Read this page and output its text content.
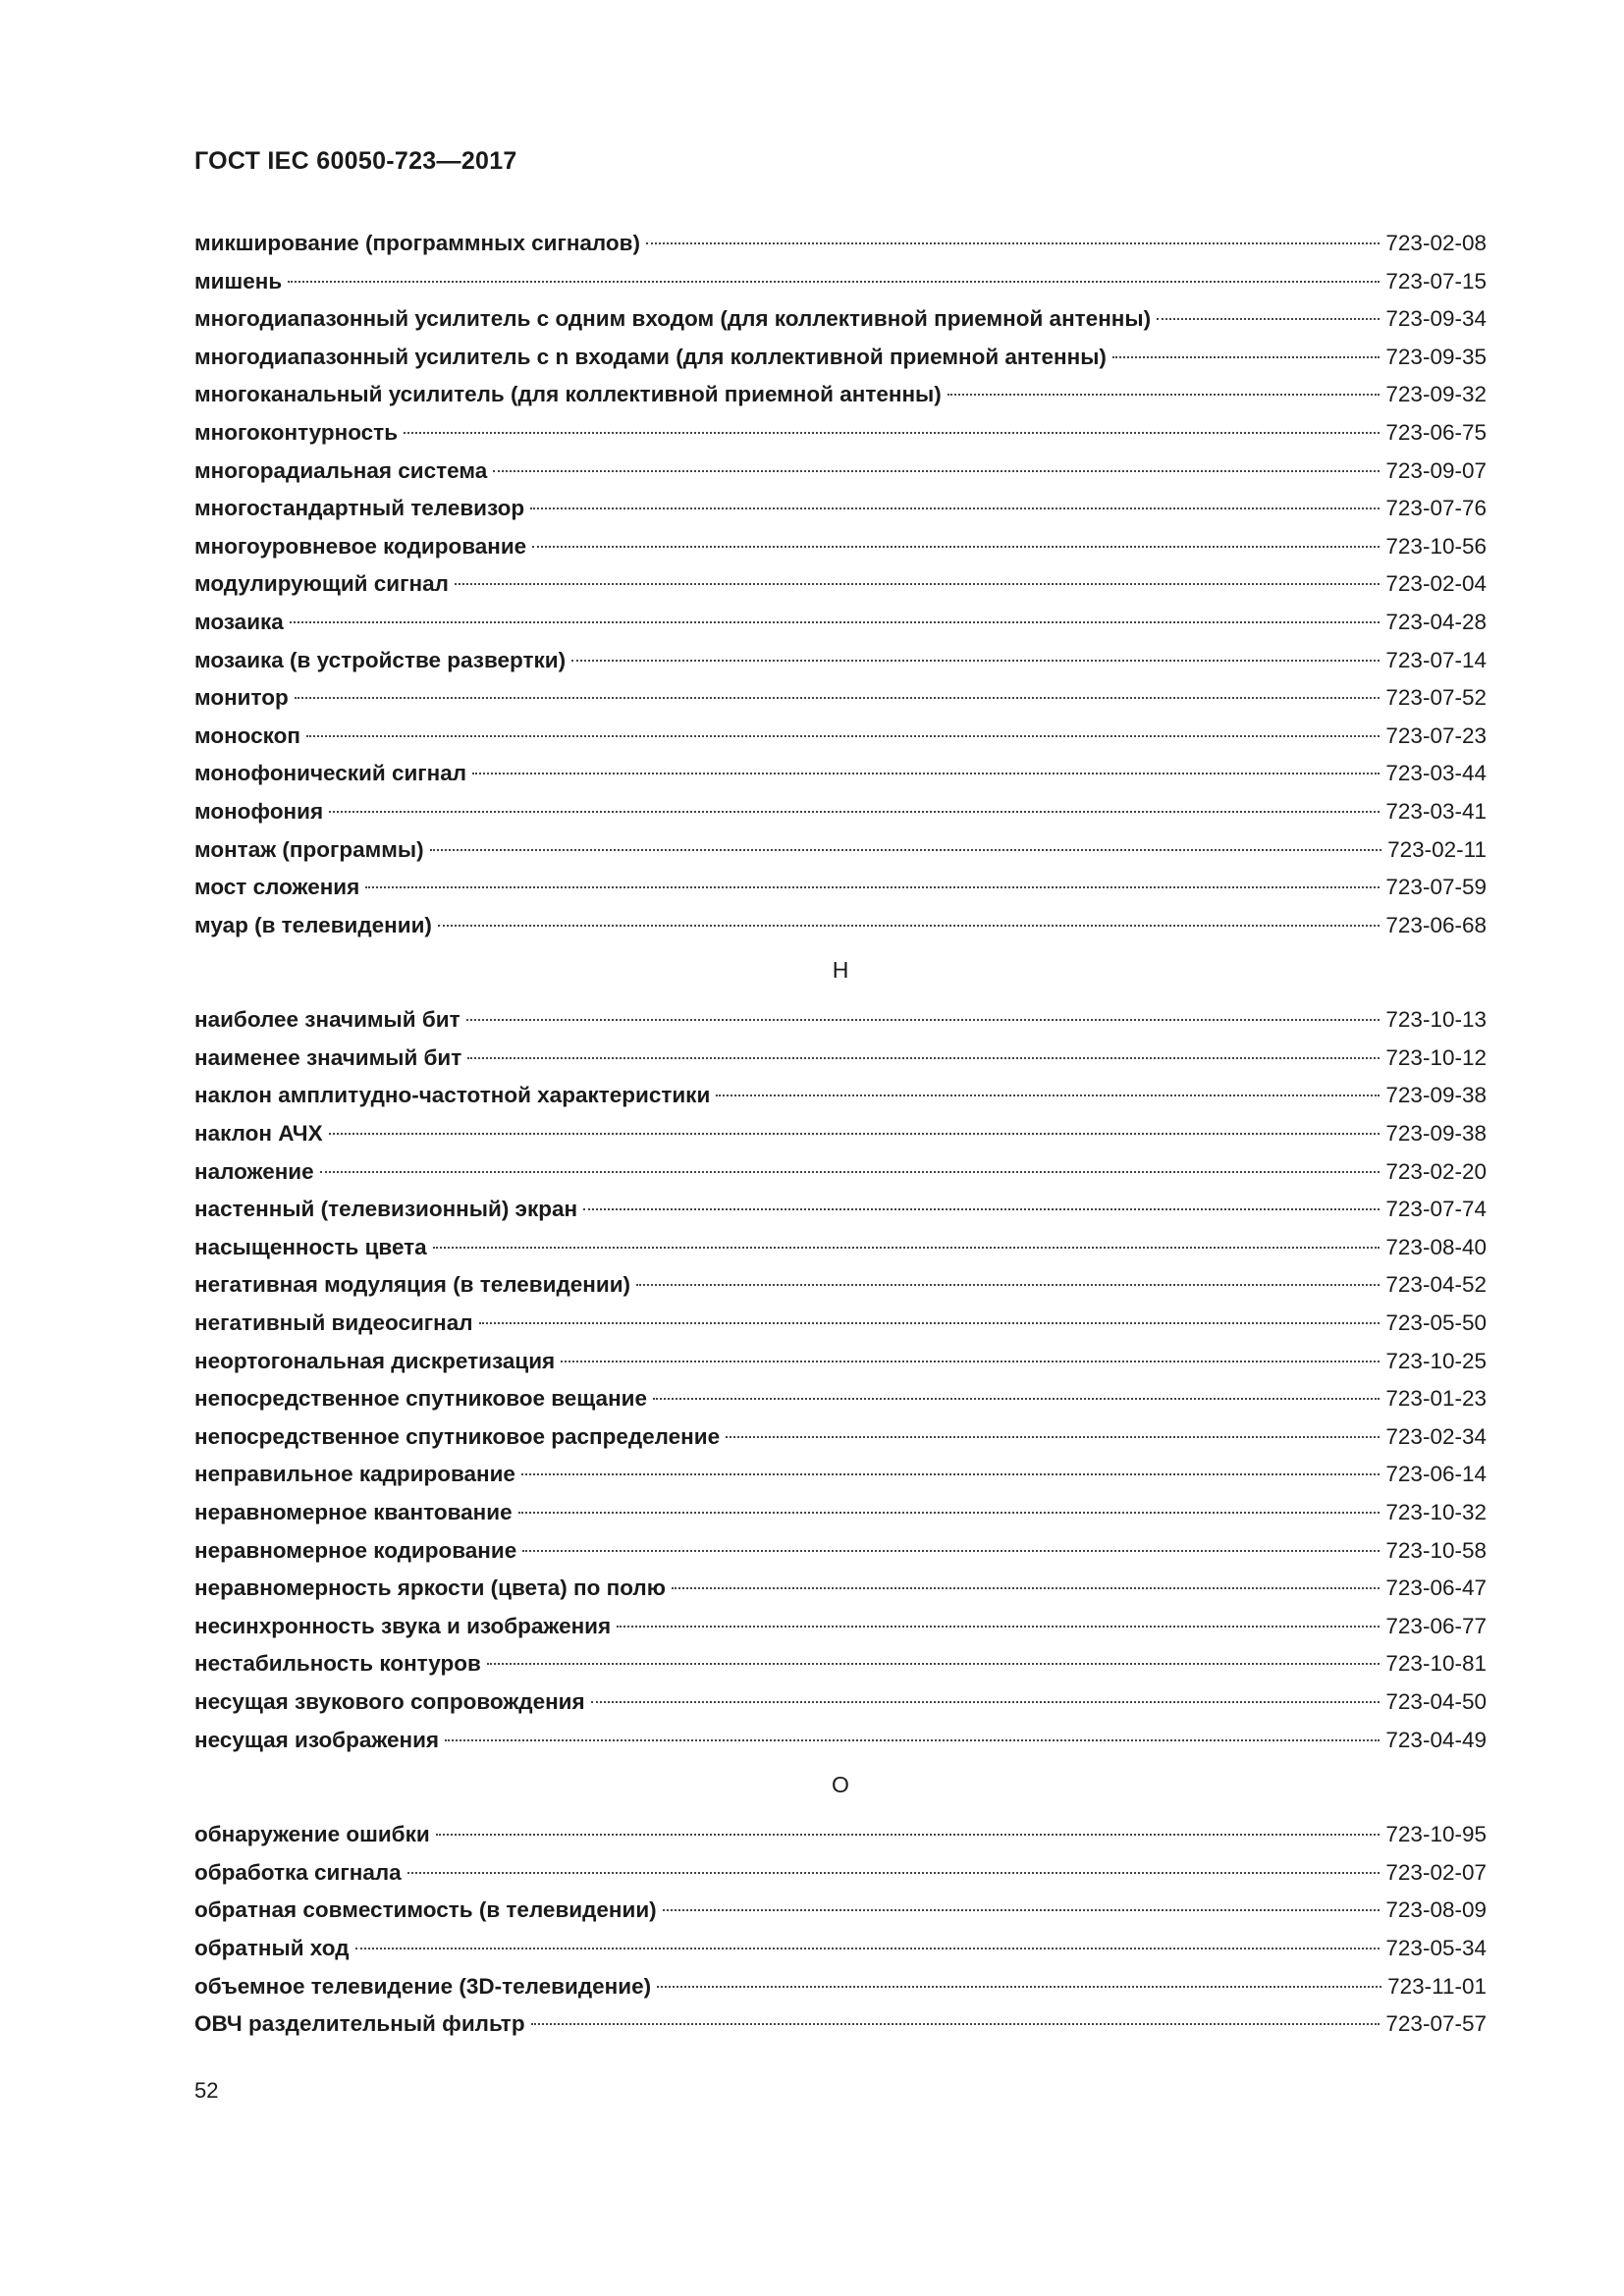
ГОСТ IEC 60050-723—2017
микширование (программных сигналов)	723-02-08
мишень	723-07-15
многодиапазонный усилитель с одним входом (для коллективной приемной антенны)	723-09-34
многодиапазонный усилитель с n входами (для коллективной приемной антенны)	723-09-35
многоканальный усилитель (для коллективной приемной антенны)	723-09-32
многоконтурность	723-06-75
многорадиальная система	723-09-07
многостандартный телевизор	723-07-76
многоуровневое кодирование	723-10-56
модулирующий сигнал	723-02-04
мозаика	723-04-28
мозаика (в устройстве развертки)	723-07-14
монитор	723-07-52
моноскоп	723-07-23
монофонический сигнал	723-03-44
монофония	723-03-41
монтаж (программы)	723-02-11
мост сложения	723-07-59
муар (в телевидении)	723-06-68
Н
наиболее значимый бит	723-10-13
наименее значимый бит	723-10-12
наклон амплитудно-частотной характеристики	723-09-38
наклон АЧХ	723-09-38
наложение	723-02-20
настенный (телевизионный) экран	723-07-74
насыщенность цвета	723-08-40
негативная модуляция (в телевидении)	723-04-52
негативный видеосигнал	723-05-50
неортогональная дискретизация	723-10-25
непосредственное спутниковое вещание	723-01-23
непосредственное спутниковое распределение	723-02-34
неправильное кадрирование	723-06-14
неравномерное квантование	723-10-32
неравномерное кодирование	723-10-58
неравномерность яркости (цвета) по полю	723-06-47
несинхронность звука и изображения	723-06-77
нестабильность контуров	723-10-81
несущая звукового сопровождения	723-04-50
несущая изображения	723-04-49
О
обнаружение ошибки	723-10-95
обработка сигнала	723-02-07
обратная совместимость (в телевидении)	723-08-09
обратный ход	723-05-34
объемное телевидение (3D-телевидение)	723-11-01
ОВЧ разделительный фильтр	723-07-57
52
